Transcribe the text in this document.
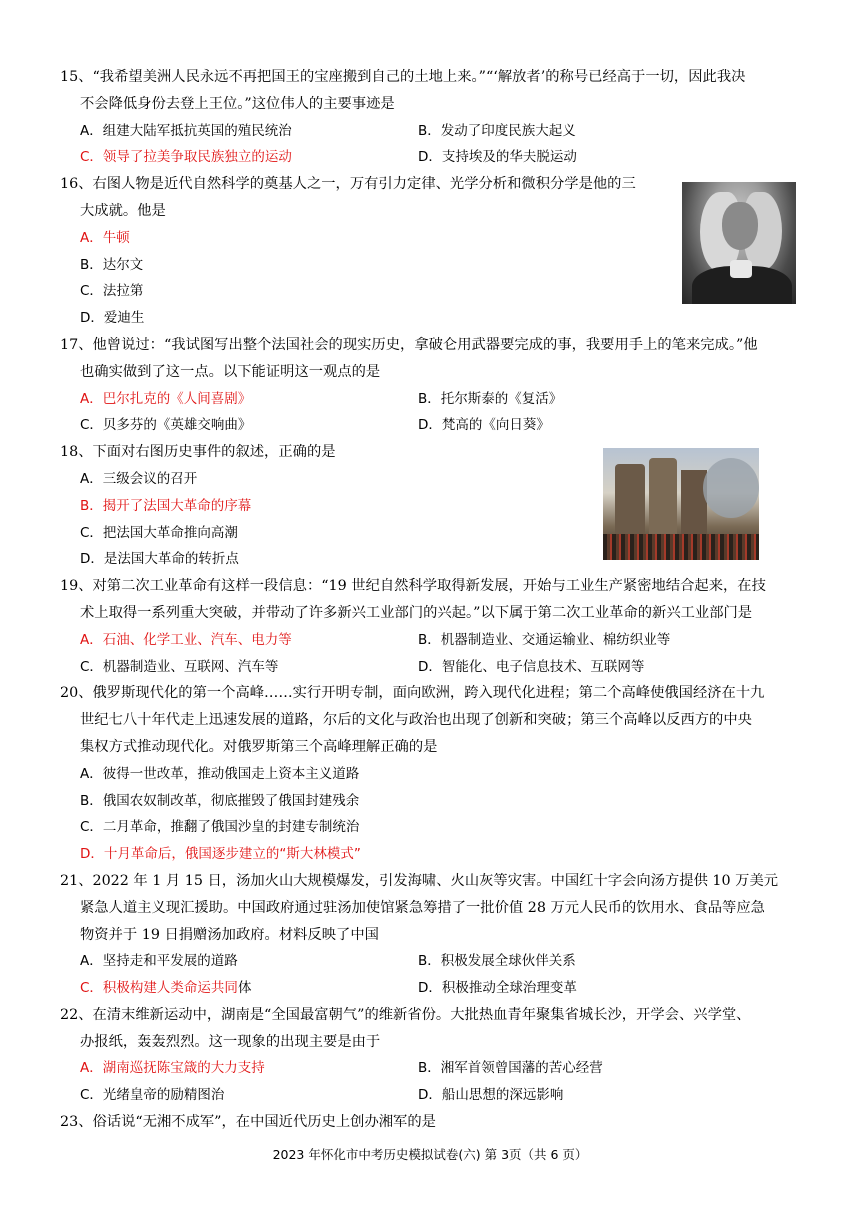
15、“我希望美洲人民永远不再把国王的宝座搬到自己的土地上来。”“‘解放者’的称号已经高于一切，因此我决
不会降低身份去登上王位。”这位伟人的主要事迹是
A．组建大陆军抵抗英国的殖民统治	B．发动了印度民族大起义
C．领导了拉美争取民族独立的运动	D．支持埃及的华夫脱运动
16、右图人物是近代自然科学的奠基人之一，万有引力定律、光学分析和微积分学是他的三
大成就。他是
A．牛顿
B．达尔文
C．法拉第
D．爱迪生
17、他曾说过：“我试图写出整个法国社会的现实历史，拿破仑用武器要完成的事，我要用手上的笔来完成。”他
也确实做到了这一点。以下能证明这一观点的是
A．巴尔扎克的《人间喜剧》	B．托尔斯泰的《复活》
C．贝多芬的《英雄交响曲》	D．梵高的《向日葵》
18、下面对右图历史事件的叙述，正确的是
A．三级会议的召开
B．揭开了法国大革命的序幕
C．把法国大革命推向高潮
D．是法国大革命的转折点
19、对第二次工业革命有这样一段信息：“19 世纪自然科学取得新发展，开始与工业生产紧密地结合起来，在技
术上取得一系列重大突破，并带动了许多新兴工业部门的兴起。”以下属于第二次工业革命的新兴工业部门是
A．石油、化学工业、汽车、电力等	B．机器制造业、交通运输业、棉纺织业等
C．机器制造业、互联网、汽车等	D．智能化、电子信息技术、互联网等
20、俄罗斯现代化的第一个高峰……实行开明专制，面向欧洲，跨入现代化进程；第二个高峰使俄国经济在十九
世纪七八十年代走上迅速发展的道路，尔后的文化与政治也出现了创新和突破；第三个高峰以反西方的中央
集权方式推动现代化。对俄罗斯第三个高峰理解正确的是
A．彼得一世改革，推动俄国走上资本主义道路
B．俄国农奴制改革，彻底摧毁了俄国封建残余
C．二月革命，推翻了俄国沙皇的封建专制统治
D．十月革命后，俄国逐步建立的“斯大林模式”
21、2022 年 1 月 15 日，汤加火山大规模爆发，引发海啸、火山灰等灾害。中国红十字会向汤方提供 10 万美元
紧急人道主义现汇援助。中国政府通过驻汤加使馆紧急筹措了一批价值 28 万元人民币的饮用水、食品等应急
物资并于 19 日捐赠汤加政府。材料反映了中国
A．坚持走和平发展的道路	B．积极发展全球伙伴关系
C．积极构建人类命运共同体	D．积极推动全球治理变革
22、在清末维新运动中，湖南是“全国最富朝气”的维新省份。大批热血青年聚集省城长沙，开学会、兴学堂、
办报纸，轰轰烈烈。这一现象的出现主要是由于
A．湖南巡抚陈宝箴的大力支持	B．湘军首领曾国藩的苦心经营
C．光绪皇帝的励精图治	D．船山思想的深远影响
23、俗话说“无湘不成军”，在中国近代历史上创办湘军的是
2023 年怀化市中考历史模拟试卷(六) 第 3页（共 6 页）
